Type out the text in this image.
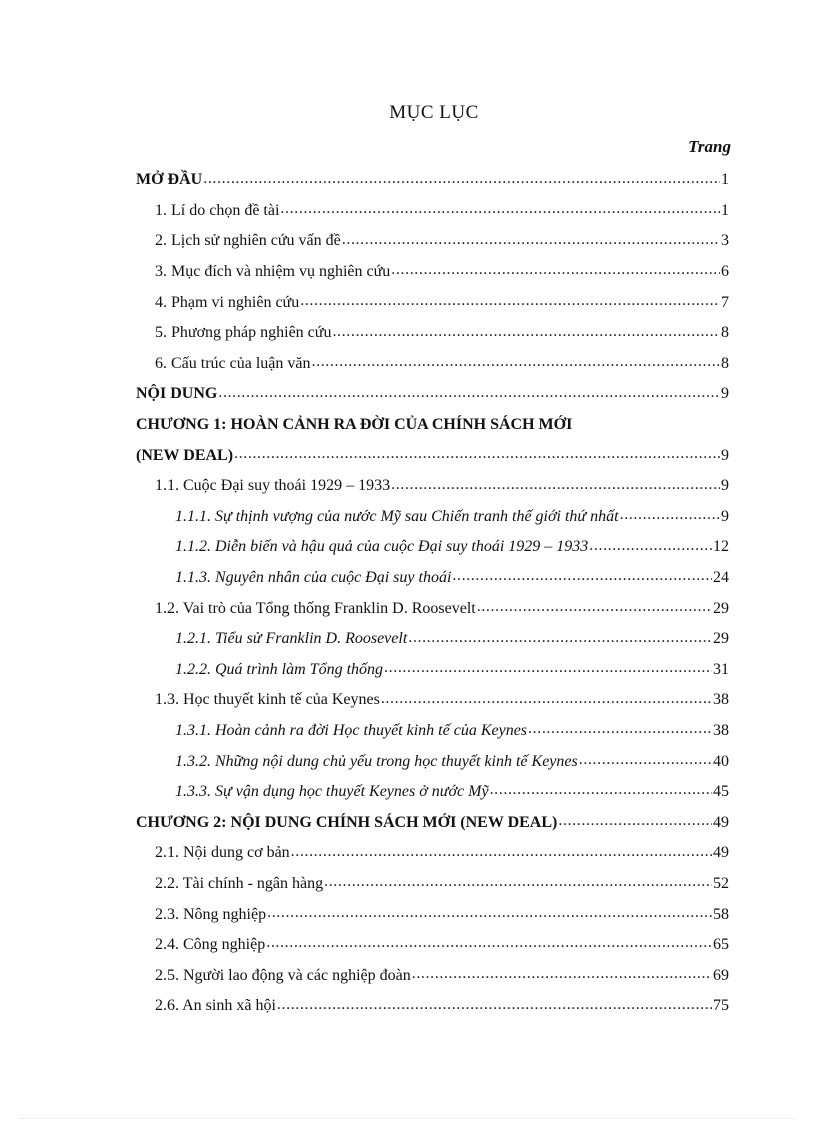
MỤC LỤC
Trang
MỞ ĐẦU .....	1
1. Lí do chọn đề tài .....	1
2. Lịch sử nghiên cứu vấn đề .....	3
3. Mục đích và nhiệm vụ nghiên cứu .....	6
4. Phạm vi nghiên cứu .....	7
5. Phương pháp nghiên cứu .....	8
6. Cấu trúc của luận văn .....	8
NỘI DUNG .....	9
CHƯƠNG 1: HOÀN CẢNH RA ĐỜI CỦA CHÍNH SÁCH MỚI
(NEW DEAL) .....	9
1.1. Cuộc Đại suy thoái 1929 – 1933 .....	9
1.1.1. Sự thịnh vượng của nước Mỹ sau Chiến tranh thế giới thứ nhất .....	9
1.1.2. Diễn biến và hậu quả của cuộc Đại suy thoái 1929 – 1933 .....	12
1.1.3. Nguyên nhân của cuộc Đại suy thoái .....	24
1.2. Vai trò của Tổng thống Franklin D. Roosevelt .....	29
1.2.1. Tiểu sử Franklin D. Roosevelt .....	29
1.2.2. Quá trình làm Tổng thống .....	31
1.3. Học thuyết kinh tế của Keynes .....	38
1.3.1. Hoàn cảnh ra đời Học thuyết kinh tế của Keynes .....	38
1.3.2. Những nội dung chủ yếu trong học thuyết kinh tế Keynes .....	40
1.3.3. Sự vận dụng học thuyết Keynes ở nước Mỹ .....	45
CHƯƠNG 2: NỘI DUNG CHÍNH SÁCH MỚI (NEW DEAL) .....	49
2.1. Nội dung cơ bản .....	49
2.2. Tài chính - ngân hàng .....	52
2.3. Nông nghiệp .....	58
2.4. Công nghiệp .....	65
2.5. Người lao động và các nghiệp đoàn .....	69
2.6. An sinh xã hội .....	75
